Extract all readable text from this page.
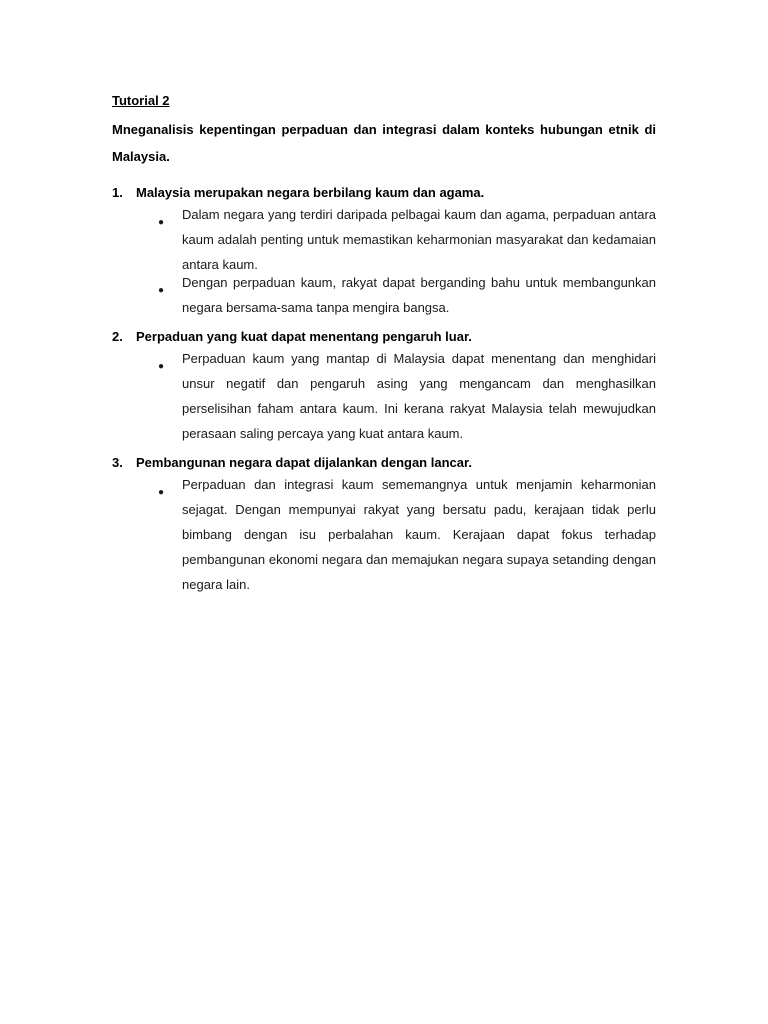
Tutorial 2

Mneganalisis kepentingan perpaduan dan integrasi dalam konteks hubungan etnik di Malaysia.

1.	Malaysia merupakan negara berbilang kaum dan agama.
●
Dalam negara yang terdiri daripada pelbagai kaum dan agama, perpaduan antara kaum adalah penting untuk memastikan keharmonian masyarakat dan kedamaian antara kaum.
●
Dengan perpaduan kaum, rakyat dapat berganding bahu untuk membangunkan negara bersama-sama tanpa mengira bangsa.
2.	Perpaduan yang kuat dapat menentang pengaruh luar.
●
Perpaduan kaum yang mantap di Malaysia dapat menentang dan menghidari unsur negatif dan pengaruh asing yang mengancam dan menghasilkan perselisihan faham antara kaum. Ini kerana rakyat Malaysia telah mewujudkan perasaan saling percaya yang kuat antara kaum.
3.	Pembangunan negara dapat dijalankan dengan lancar.
●
Perpaduan dan integrasi kaum sememangnya untuk menjamin keharmonian sejagat. Dengan mempunyai rakyat yang bersatu padu, kerajaan tidak perlu bimbang dengan isu perbalahan kaum. Kerajaan dapat fokus terhadap pembangunan ekonomi negara dan memajukan negara supaya setanding dengan negara lain.
